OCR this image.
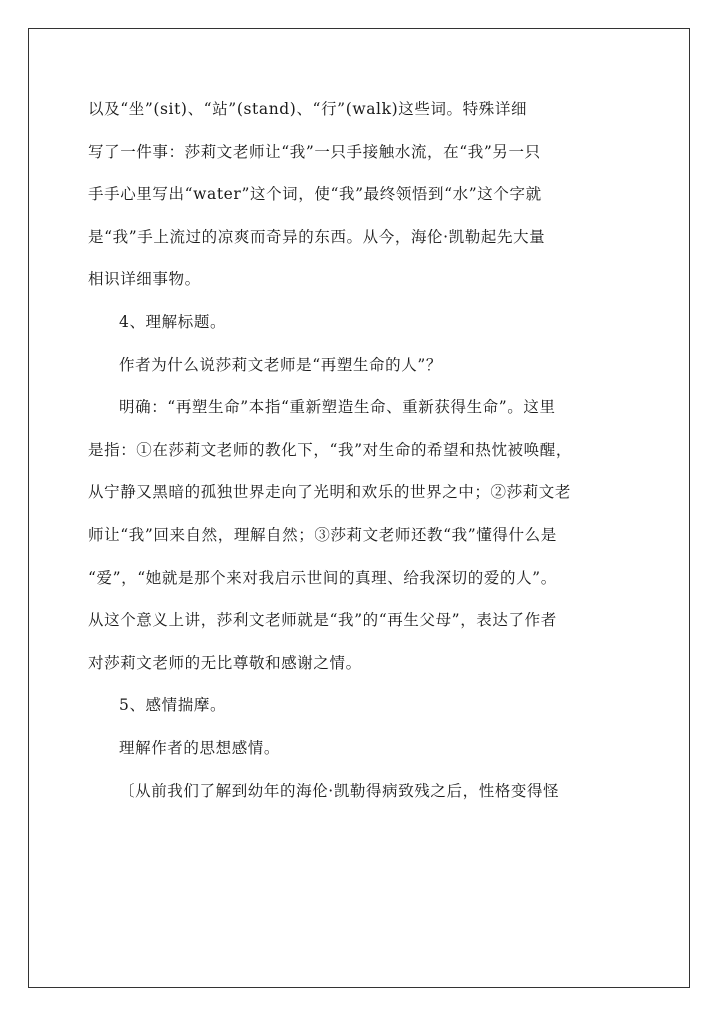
以及“坐”(sit)、“站”(stand)、“行”(walk)这些词。特殊详细
写了一件事：莎莉文老师让“我”一只手接触水流，在“我”另一只
手手心里写出“water”这个词，使“我”最终领悟到“水”这个字就
是“我”手上流过的凉爽而奇异的东西。从今，海伦·凯勒起先大量
相识详细事物。
4、理解标题。
作者为什么说莎莉文老师是“再塑生命的人”？
明确：“再塑生命”本指“重新塑造生命、重新获得生命”。这里
是指：①在莎莉文老师的教化下，“我”对生命的希望和热忱被唤醒，
从宁静又黑暗的孤独世界走向了光明和欢乐的世界之中；②莎莉文老
师让“我”回来自然，理解自然；③莎莉文老师还教“我”懂得什么是
“爱”，“她就是那个来对我启示世间的真理、给我深切的爱的人”。
从这个意义上讲，莎利文老师就是“我”的“再生父母”，表达了作者
对莎莉文老师的无比尊敬和感谢之情。
5、感情揣摩。
理解作者的思想感情。
〔从前我们了解到幼年的海伦·凯勒得病致残之后，性格变得怪
